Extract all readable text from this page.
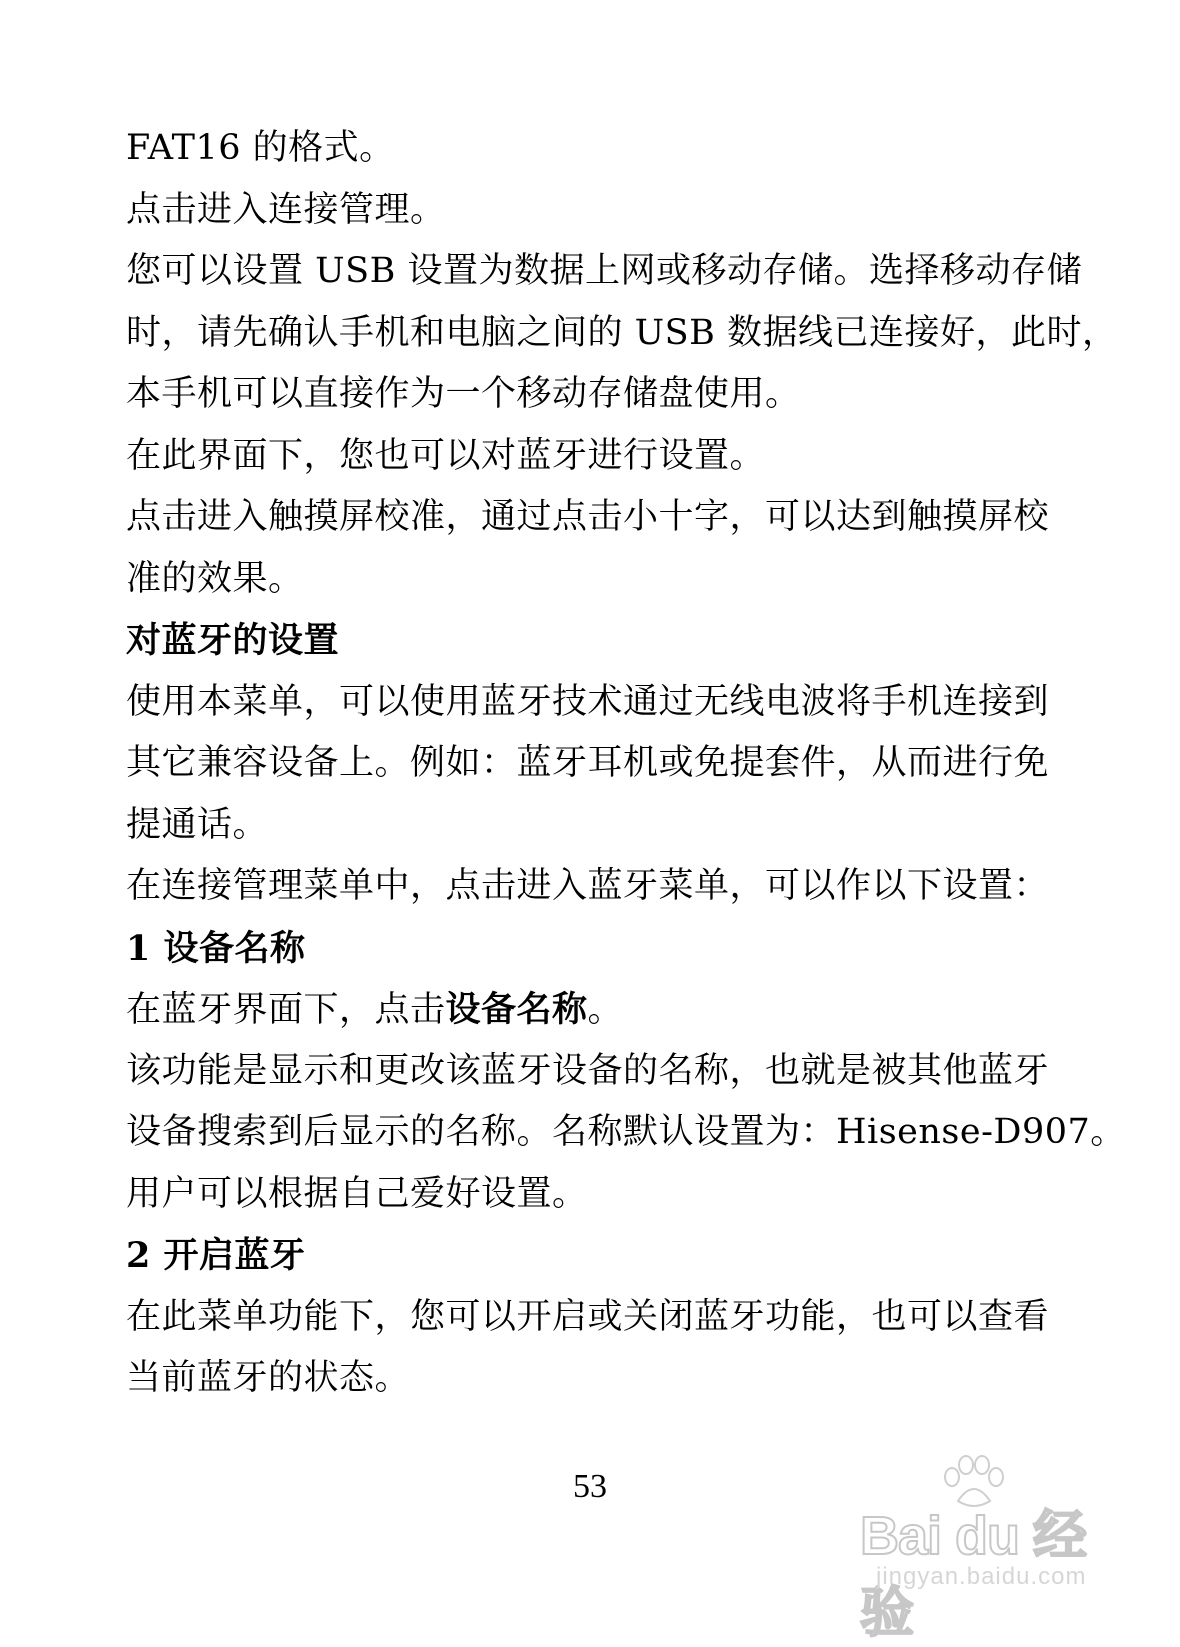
FAT16 的格式。
点击进入连接管理。
您可以设置 USB 设置为数据上网或移动存储。选择移动存储
时，请先确认手机和电脑之间的 USB 数据线已连接好，此时，
本手机可以直接作为一个移动存储盘使用。
在此界面下，您也可以对蓝牙进行设置。
点击进入触摸屏校准，通过点击小十字，可以达到触摸屏校
准的效果。
对蓝牙的设置
使用本菜单，可以使用蓝牙技术通过无线电波将手机连接到
其它兼容设备上。例如：蓝牙耳机或免提套件，从而进行免
提通话。
在连接管理菜单中，点击进入蓝牙菜单，可以作以下设置：
1 设备名称
在蓝牙界面下，点击设备名称。
该功能是显示和更改该蓝牙设备的名称，也就是被其他蓝牙
设备搜索到后显示的名称。名称默认设置为：Hisense-D907。
用户可以根据自己爱好设置。
2 开启蓝牙
在此菜单功能下，您可以开启或关闭蓝牙功能，也可以查看
当前蓝牙的状态。
53
Bai du 经验
jingyan.baidu.com
